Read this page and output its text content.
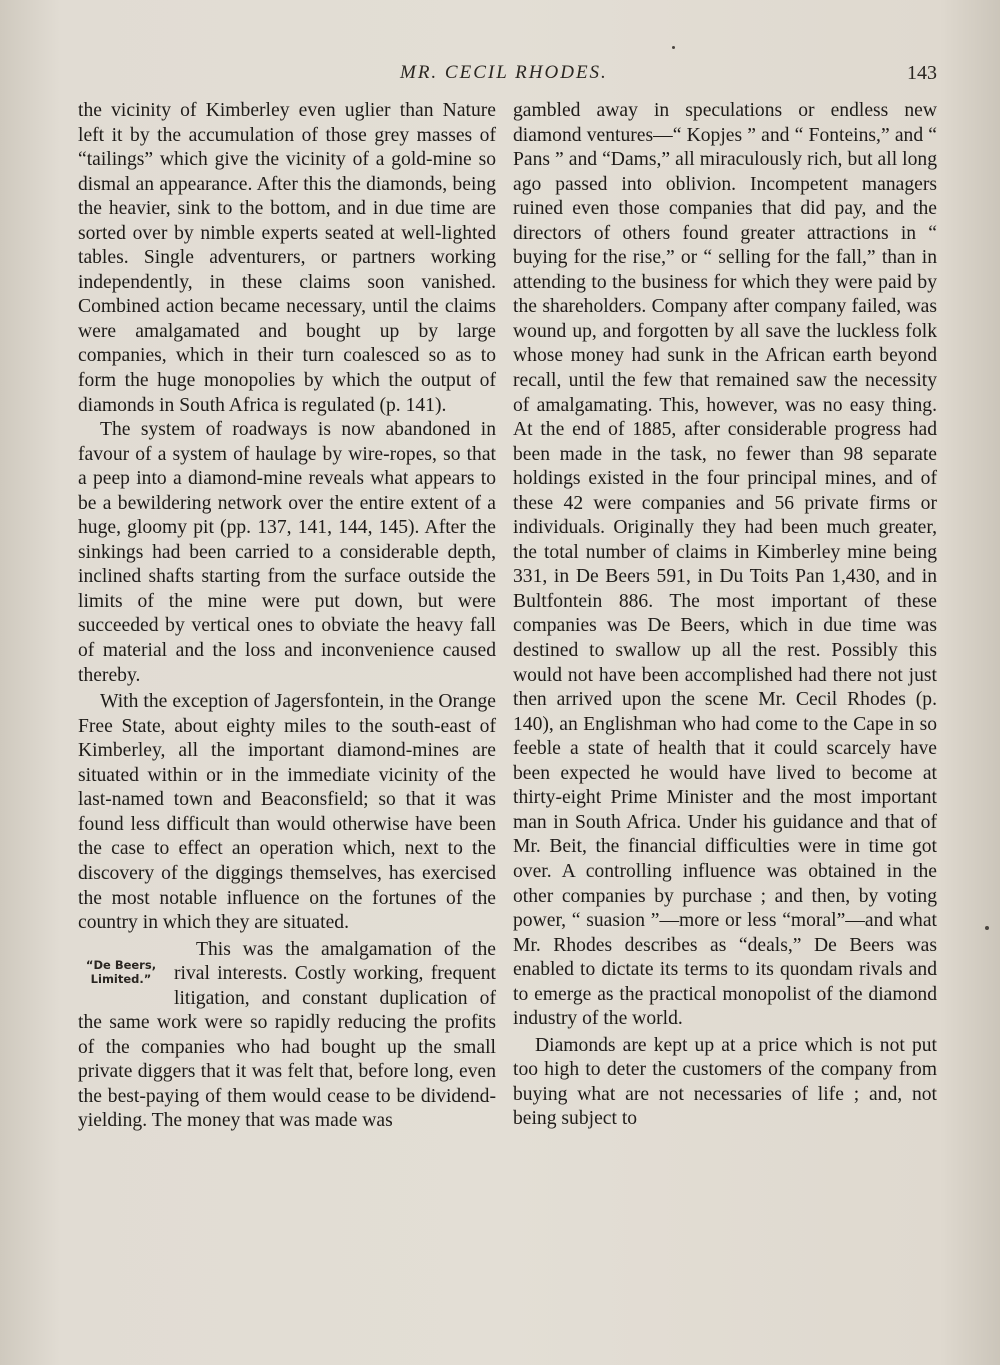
MR. CECIL RHODES.	143

the vicinity of Kimberley even uglier than Nature left it by the accumulation of those grey masses of “tailings” which give the vicinity of a gold-mine so dismal an appearance. After this the diamonds, being the heavier, sink to the bottom, and in due time are sorted over by nimble experts seated at well-lighted tables. Single adventurers, or partners working independently, in these claims soon vanished. Combined action became necessary, until the claims were amalgamated and bought up by large companies, which in their turn coalesced so as to form the huge monopolies by which the output of diamonds in South Africa is regulated (p. 141).

The system of roadways is now abandoned in favour of a system of haulage by wire-ropes, so that a peep into a diamond-mine reveals what appears to be a bewildering network over the entire extent of a huge, gloomy pit (pp. 137, 141, 144, 145). After the sinkings had been carried to a considerable depth, inclined shafts starting from the surface outside the limits of the mine were put down, but were succeeded by vertical ones to obviate the heavy fall of material and the loss and inconvenience caused thereby.

With the exception of Jagersfontein, in the Orange Free State, about eighty miles to the south-east of Kimberley, all the important diamond-mines are situated within or in the immediate vicinity of the last-named town and Beaconsfield; so that it was found less difficult than would otherwise have been the case to effect an operation which, next to the discovery of the diggings themselves, has exercised the most notable influence on the fortunes of the country in which they are situated.

“De Beers, Limited.”

This was the amalgamation of the rival interests. Costly working, frequent litigation, and constant duplication of the same work were so rapidly reducing the profits of the companies who had bought up the small private diggers that it was felt that, before long, even the best-paying of them would cease to be dividend-yielding. The money that was made was

gambled away in speculations or endless new diamond ventures—“ Kopjes ” and “ Fonteins,” and “ Pans ” and “Dams,” all miraculously rich, but all long ago passed into oblivion. Incompetent managers ruined even those companies that did pay, and the directors of others found greater attractions in “ buying for the rise,” or “ selling for the fall,” than in attending to the business for which they were paid by the shareholders. Company after company failed, was wound up, and forgotten by all save the luckless folk whose money had sunk in the African earth beyond recall, until the few that remained saw the necessity of amalgamating. This, however, was no easy thing. At the end of 1885, after considerable progress had been made in the task, no fewer than 98 separate holdings existed in the four principal mines, and of these 42 were companies and 56 private firms or individuals. Originally they had been much greater, the total number of claims in Kimberley mine being 331, in De Beers 591, in Du Toits Pan 1,430, and in Bultfontein 886. The most important of these companies was De Beers, which in due time was destined to swallow up all the rest. Possibly this would not have been accomplished had there not just then arrived upon the scene Mr. Cecil Rhodes (p. 140), an Englishman who had come to the Cape in so feeble a state of health that it could scarcely have been expected he would have lived to become at thirty-eight Prime Minister and the most important man in South Africa. Under his guidance and that of Mr. Beit, the financial difficulties were in time got over. A controlling influence was obtained in the other companies by purchase ; and then, by voting power, “ suasion ”—more or less “moral”—and what Mr. Rhodes describes as “deals,” De Beers was enabled to dictate its terms to its quondam rivals and to emerge as the practical monopolist of the diamond industry of the world.

Diamonds are kept up at a price which is not put too high to deter the customers of the company from buying what are not necessaries of life ; and, not being subject to
